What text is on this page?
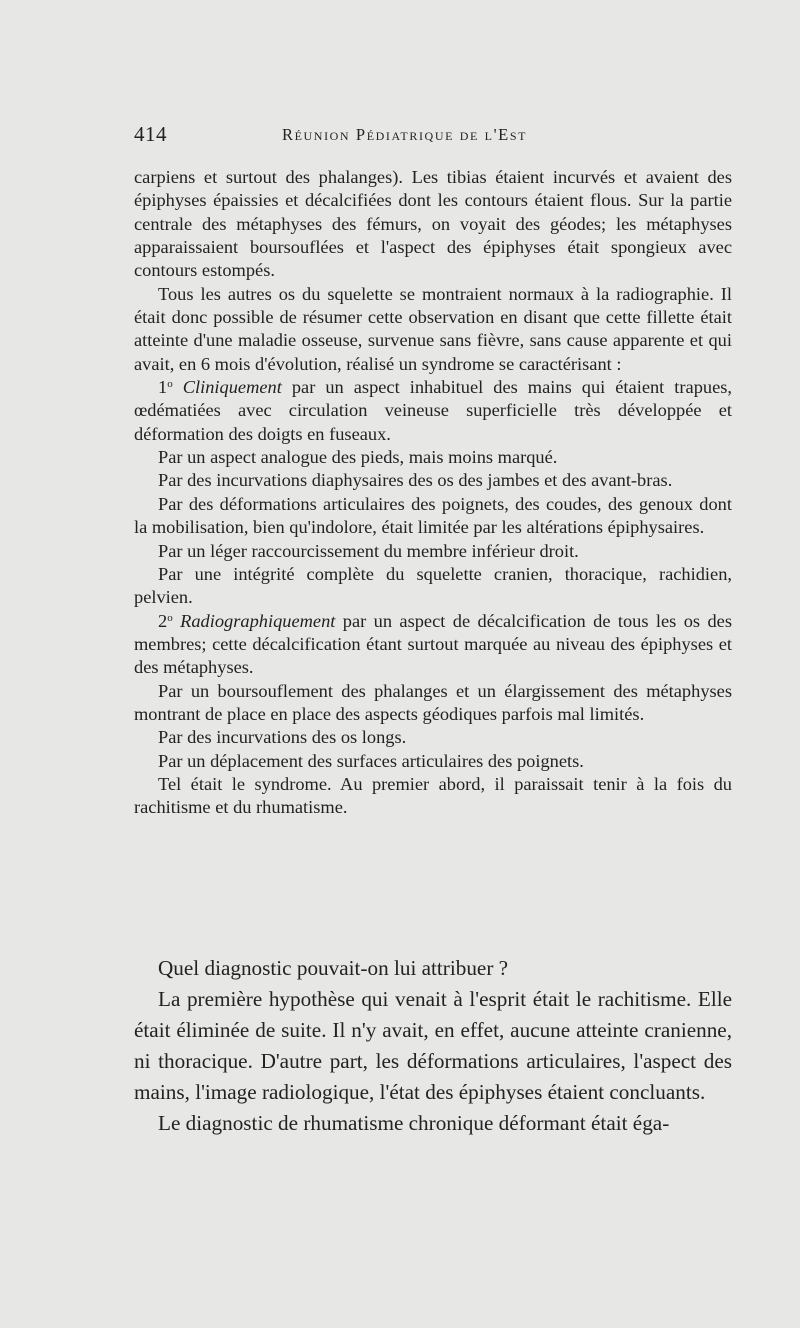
414	Réunion Pédiatrique de l'Est

carpiens et surtout des phalanges). Les tibias étaient incurvés et avaient des épiphyses épaissies et décalcifiées dont les contours étaient flous. Sur la partie centrale des métaphyses des fémurs, on voyait des géodes; les métaphyses apparaissaient boursouflées et l'aspect des épiphyses était spongieux avec contours estompés.

Tous les autres os du squelette se montraient normaux à la radiographie. Il était donc possible de résumer cette observation en disant que cette fillette était atteinte d'une maladie osseuse, survenue sans fièvre, sans cause apparente et qui avait, en 6 mois d'évolution, réalisé un syndrome se caractérisant :

1$^o$ Cliniquement par un aspect inhabituel des mains qui étaient trapues, œdématiées avec circulation veineuse superficielle très développée et déformation des doigts en fuseaux.

Par un aspect analogue des pieds, mais moins marqué.

Par des incurvations diaphysaires des os des jambes et des avant-bras.

Par des déformations articulaires des poignets, des coudes, des genoux dont la mobilisation, bien qu'indolore, était limitée par les altérations épiphysaires.

Par un léger raccourcissement du membre inférieur droit.

Par une intégrité complète du squelette cranien, thoracique, rachidien, pelvien.

2$^o$ Radiographiquement par un aspect de décalcification de tous les os des membres; cette décalcification étant surtout marquée au niveau des épiphyses et des métaphyses.

Par un boursouflement des phalanges et un élargissement des métaphyses montrant de place en place des aspects géodiques parfois mal limités.

Par des incurvations des os longs.

Par un déplacement des surfaces articulaires des poignets.

Tel était le syndrome. Au premier abord, il paraissait tenir à la fois du rachitisme et du rhumatisme.

Quel diagnostic pouvait-on lui attribuer ?

La première hypothèse qui venait à l'esprit était le rachitisme. Elle était éliminée de suite. Il n'y avait, en effet, aucune atteinte cranienne, ni thoracique. D'autre part, les déformations articulaires, l'aspect des mains, l'image radiologique, l'état des épiphyses étaient concluants.

Le diagnostic de rhumatisme chronique déformant était éga-
